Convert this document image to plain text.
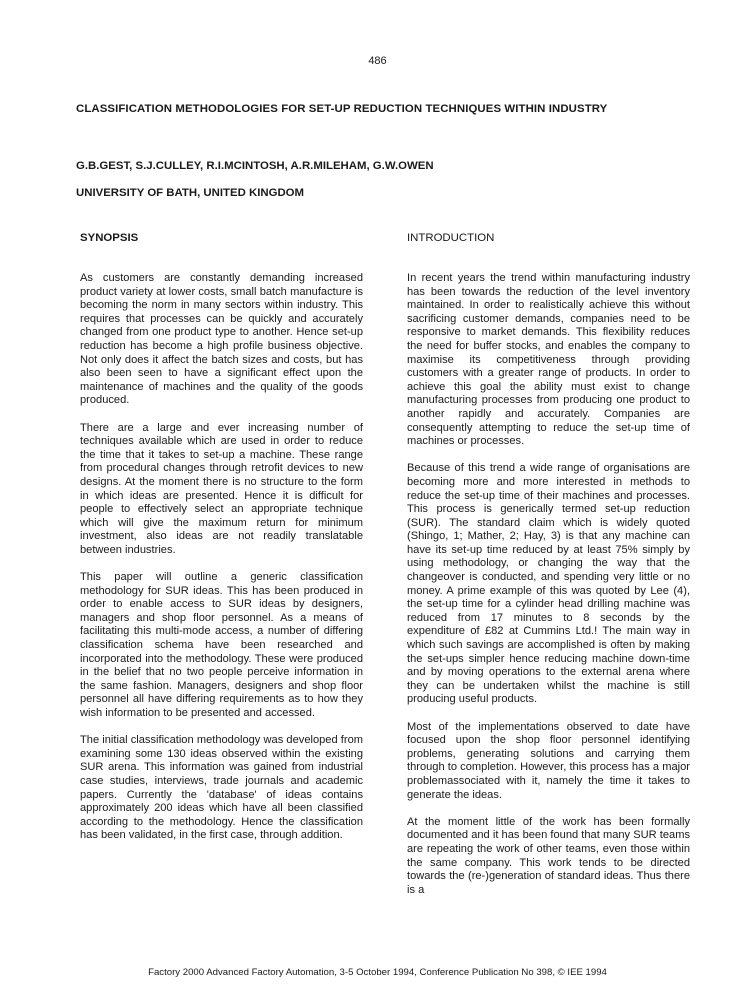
486
CLASSIFICATION METHODOLOGIES FOR SET-UP REDUCTION TECHNIQUES WITHIN INDUSTRY
G.B.GEST, S.J.CULLEY, R.I.MCINTOSH, A.R.MILEHAM, G.W.OWEN
UNIVERSITY OF BATH, UNITED KINGDOM
SYNOPSIS	INTRODUCTION

As customers are constantly demanding increased product variety at lower costs, small batch manufacture is becoming the norm in many sectors within industry. This requires that processes can be quickly and accurately changed from one product type to another. Hence set-up reduction has become a high profile business objective. Not only does it affect the batch sizes and costs, but has also been seen to have a significant effect upon the maintenance of machines and the quality of the goods produced.

There are a large and ever increasing number of techniques available which are used in order to reduce the time that it takes to set-up a machine. These range from procedural changes through retrofit devices to new designs. At the moment there is no structure to the form in which ideas are presented. Hence it is difficult for people to effectively select an appropriate technique which will give the maximum return for minimum investment, also ideas are not readily translatable between industries.

This paper will outline a generic classification methodology for SUR ideas. This has been produced in order to enable access to SUR ideas by designers, managers and shop floor personnel. As a means of facilitating this multi-mode access, a number of differing classification schema have been researched and incorporated into the methodology. These were produced in the belief that no two people perceive information in the same fashion. Managers, designers and shop floor personnel all have differing requirements as to how they wish information to be presented and accessed.

The initial classification methodology was developed from examining some 130 ideas observed within the existing SUR arena. This information was gained from industrial case studies, interviews, trade journals and academic papers. Currently the 'database' of ideas contains approximately 200 ideas which have all been classified according to the methodology. Hence the classification has been validated, in the first case, through addition.

In recent years the trend within manufacturing industry has been towards the reduction of the level inventory maintained. In order to realistically achieve this without sacrificing customer demands, companies need to be responsive to market demands. This flexibility reduces the need for buffer stocks, and enables the company to maximise its competitiveness through providing customers with a greater range of products. In order to achieve this goal the ability must exist to change manufacturing processes from producing one product to another rapidly and accurately. Companies are consequently attempting to reduce the set-up time of machines or processes.

Because of this trend a wide range of organisations are becoming more and more interested in methods to reduce the set-up time of their machines and processes. This process is generically termed set-up reduction (SUR). The standard claim which is widely quoted (Shingo, 1; Mather, 2; Hay, 3) is that any machine can have its set-up time reduced by at least 75% simply by using methodology, or changing the way that the changeover is conducted, and spending very little or no money. A prime example of this was quoted by Lee (4), the set-up time for a cylinder head drilling machine was reduced from 17 minutes to 8 seconds by the expenditure of £82 at Cummins Ltd.! The main way in which such savings are accomplished is often by making the set-ups simpler hence reducing machine down-time and by moving operations to the external arena where they can be undertaken whilst the machine is still producing useful products.

Most of the implementations observed to date have focused upon the shop floor personnel identifying problems, generating solutions and carrying them through to completion. However, this process has a major problemassociated with it, namely the time it takes to generate the ideas.

At the moment little of the work has been formally documented and it has been found that many SUR teams are repeating the work of other teams, even those within the same company. This work tends to be directed towards the (re-)generation of standard ideas. Thus there is a

Factory 2000 Advanced Factory Automation, 3-5 October 1994, Conference Publication No 398, © IEE 1994
